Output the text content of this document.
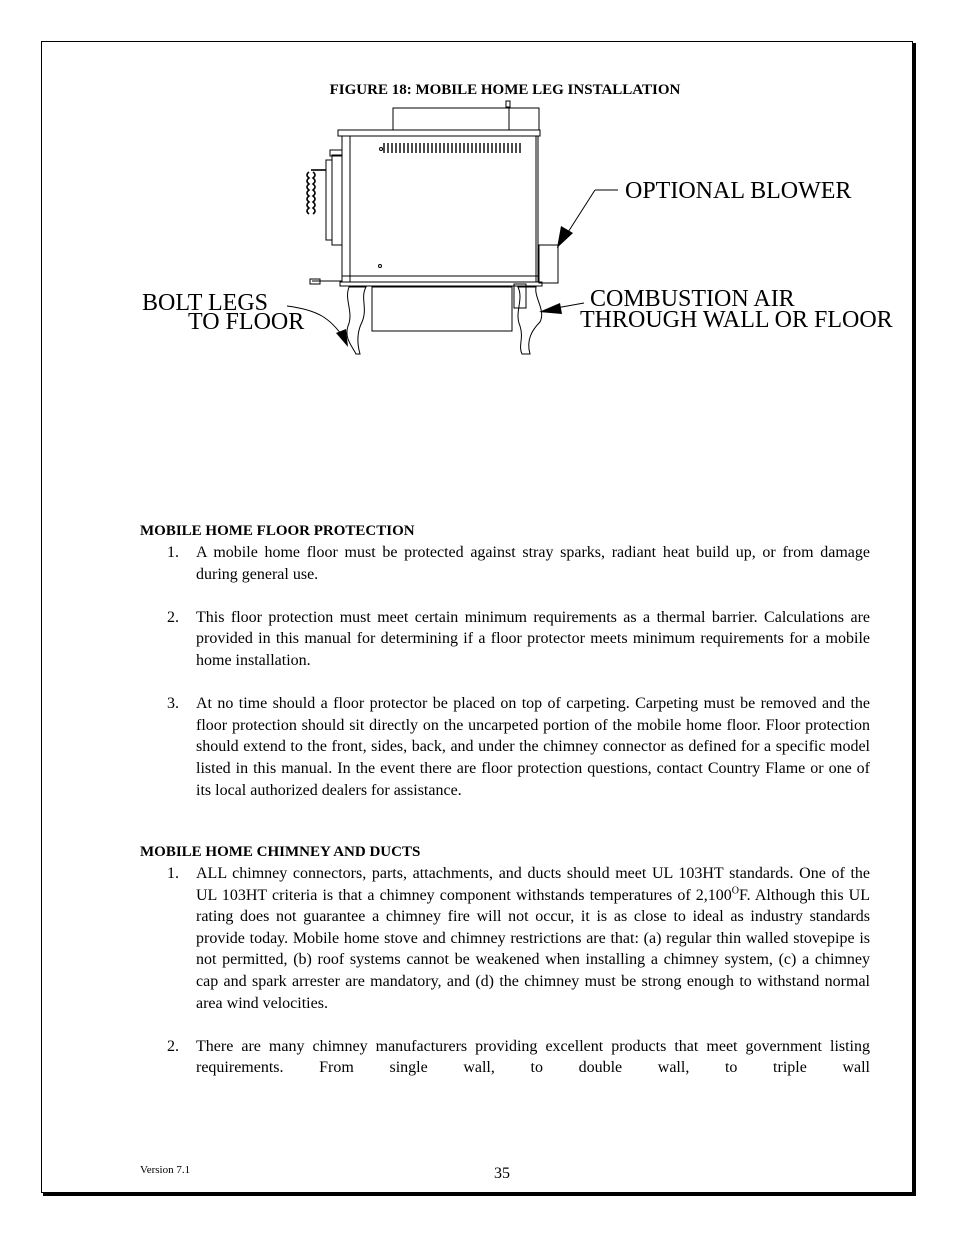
FIGURE 18: MOBILE HOME LEG INSTALLATION
OPTIONAL BLOWER
BOLT LEGS
TO FLOOR
COMBUSTION AIR
THROUGH WALL OR FLOOR
MOBILE HOME FLOOR PROTECTION
1. A mobile home floor must be protected against stray sparks, radiant heat build up, or from damage during general use.
2. This floor protection must meet certain minimum requirements as a thermal barrier. Calculations are provided in this manual for determining if a floor protector meets minimum requirements for a mobile home installation.
3. At no time should a floor protector be placed on top of carpeting. Carpeting must be removed and the floor protection should sit directly on the uncarpeted portion of the mobile home floor. Floor protection should extend to the front, sides, back, and under the chimney connector as defined for a specific model listed in this manual. In the event there are floor protection questions, contact Country Flame or one of its local authorized dealers for assistance.
MOBILE HOME CHIMNEY AND DUCTS
1. ALL chimney connectors, parts, attachments, and ducts should meet UL 103HT standards. One of the UL 103HT criteria is that a chimney component withstands temperatures of $2,100^OF$. Although this UL rating does not guarantee a chimney fire will not occur, it is as close to ideal as industry standards provide today. Mobile home stove and chimney restrictions are that: (a) regular thin walled stovepipe is not permitted, (b) roof systems cannot be weakened when installing a chimney system, (c) a chimney cap and spark arrester are mandatory, and (d) the chimney must be strong enough to withstand normal area wind velocities.
2. There are many chimney manufacturers providing excellent products that meet government listing requirements. From single wall, to double wall, to triple wall
Version 7.1	35
